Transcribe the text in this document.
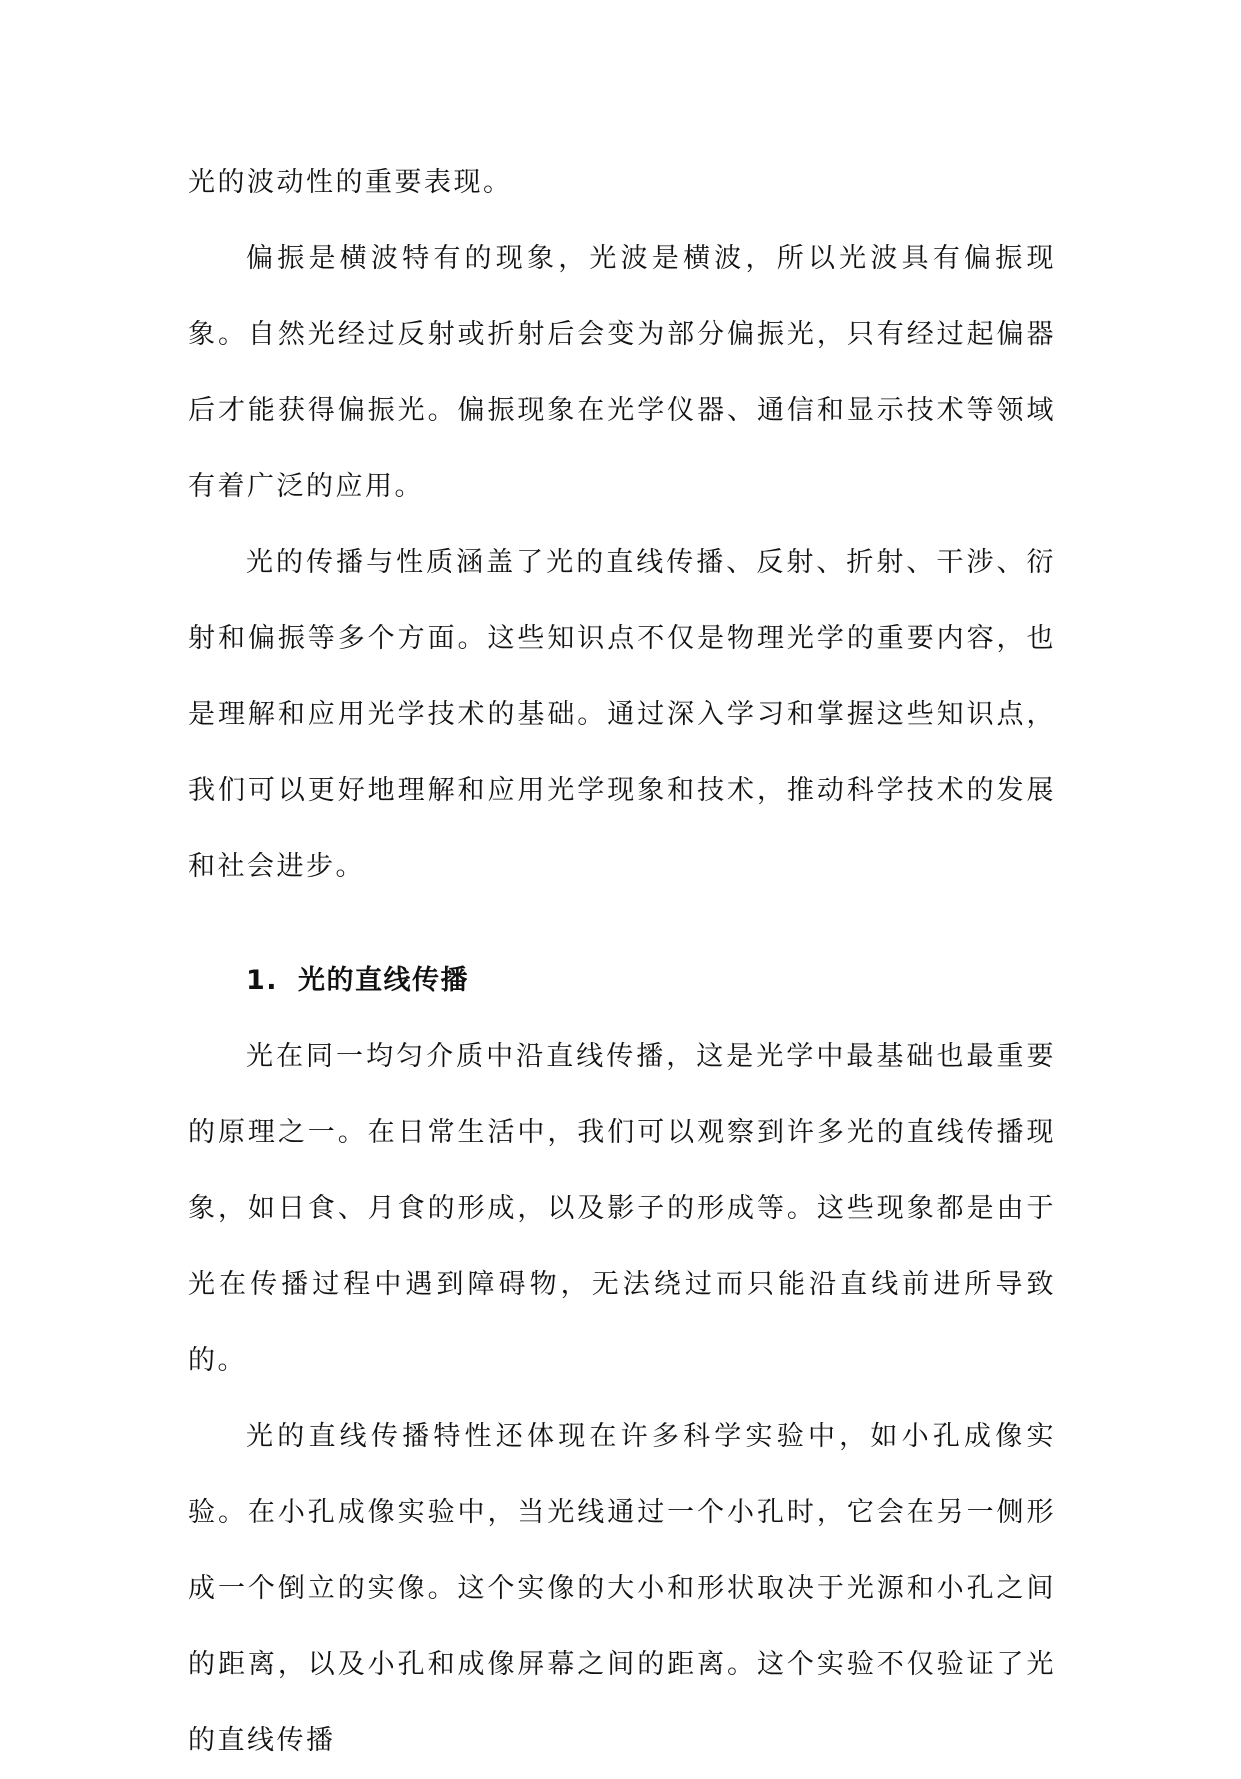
光的波动性的重要表现。

偏振是横波特有的现象，光波是横波，所以光波具有偏振现象。自然光经过反射或折射后会变为部分偏振光，只有经过起偏器后才能获得偏振光。偏振现象在光学仪器、通信和显示技术等领域有着广泛的应用。

光的传播与性质涵盖了光的直线传播、反射、折射、干涉、衍射和偏振等多个方面。这些知识点不仅是物理光学的重要内容，也是理解和应用光学技术的基础。通过深入学习和掌握这些知识点，我们可以更好地理解和应用光学现象和技术，推动科学技术的发展和社会进步。

1. 光的直线传播

光在同一均匀介质中沿直线传播，这是光学中最基础也最重要的原理之一。在日常生活中，我们可以观察到许多光的直线传播现象，如日食、月食的形成，以及影子的形成等。这些现象都是由于光在传播过程中遇到障碍物，无法绕过而只能沿直线前进所导致的。

光的直线传播特性还体现在许多科学实验中，如小孔成像实验。在小孔成像实验中，当光线通过一个小孔时，它会在另一侧形成一个倒立的实像。这个实像的大小和形状取决于光源和小孔之间的距离，以及小孔和成像屏幕之间的距离。这个实验不仅验证了光的直线传播
